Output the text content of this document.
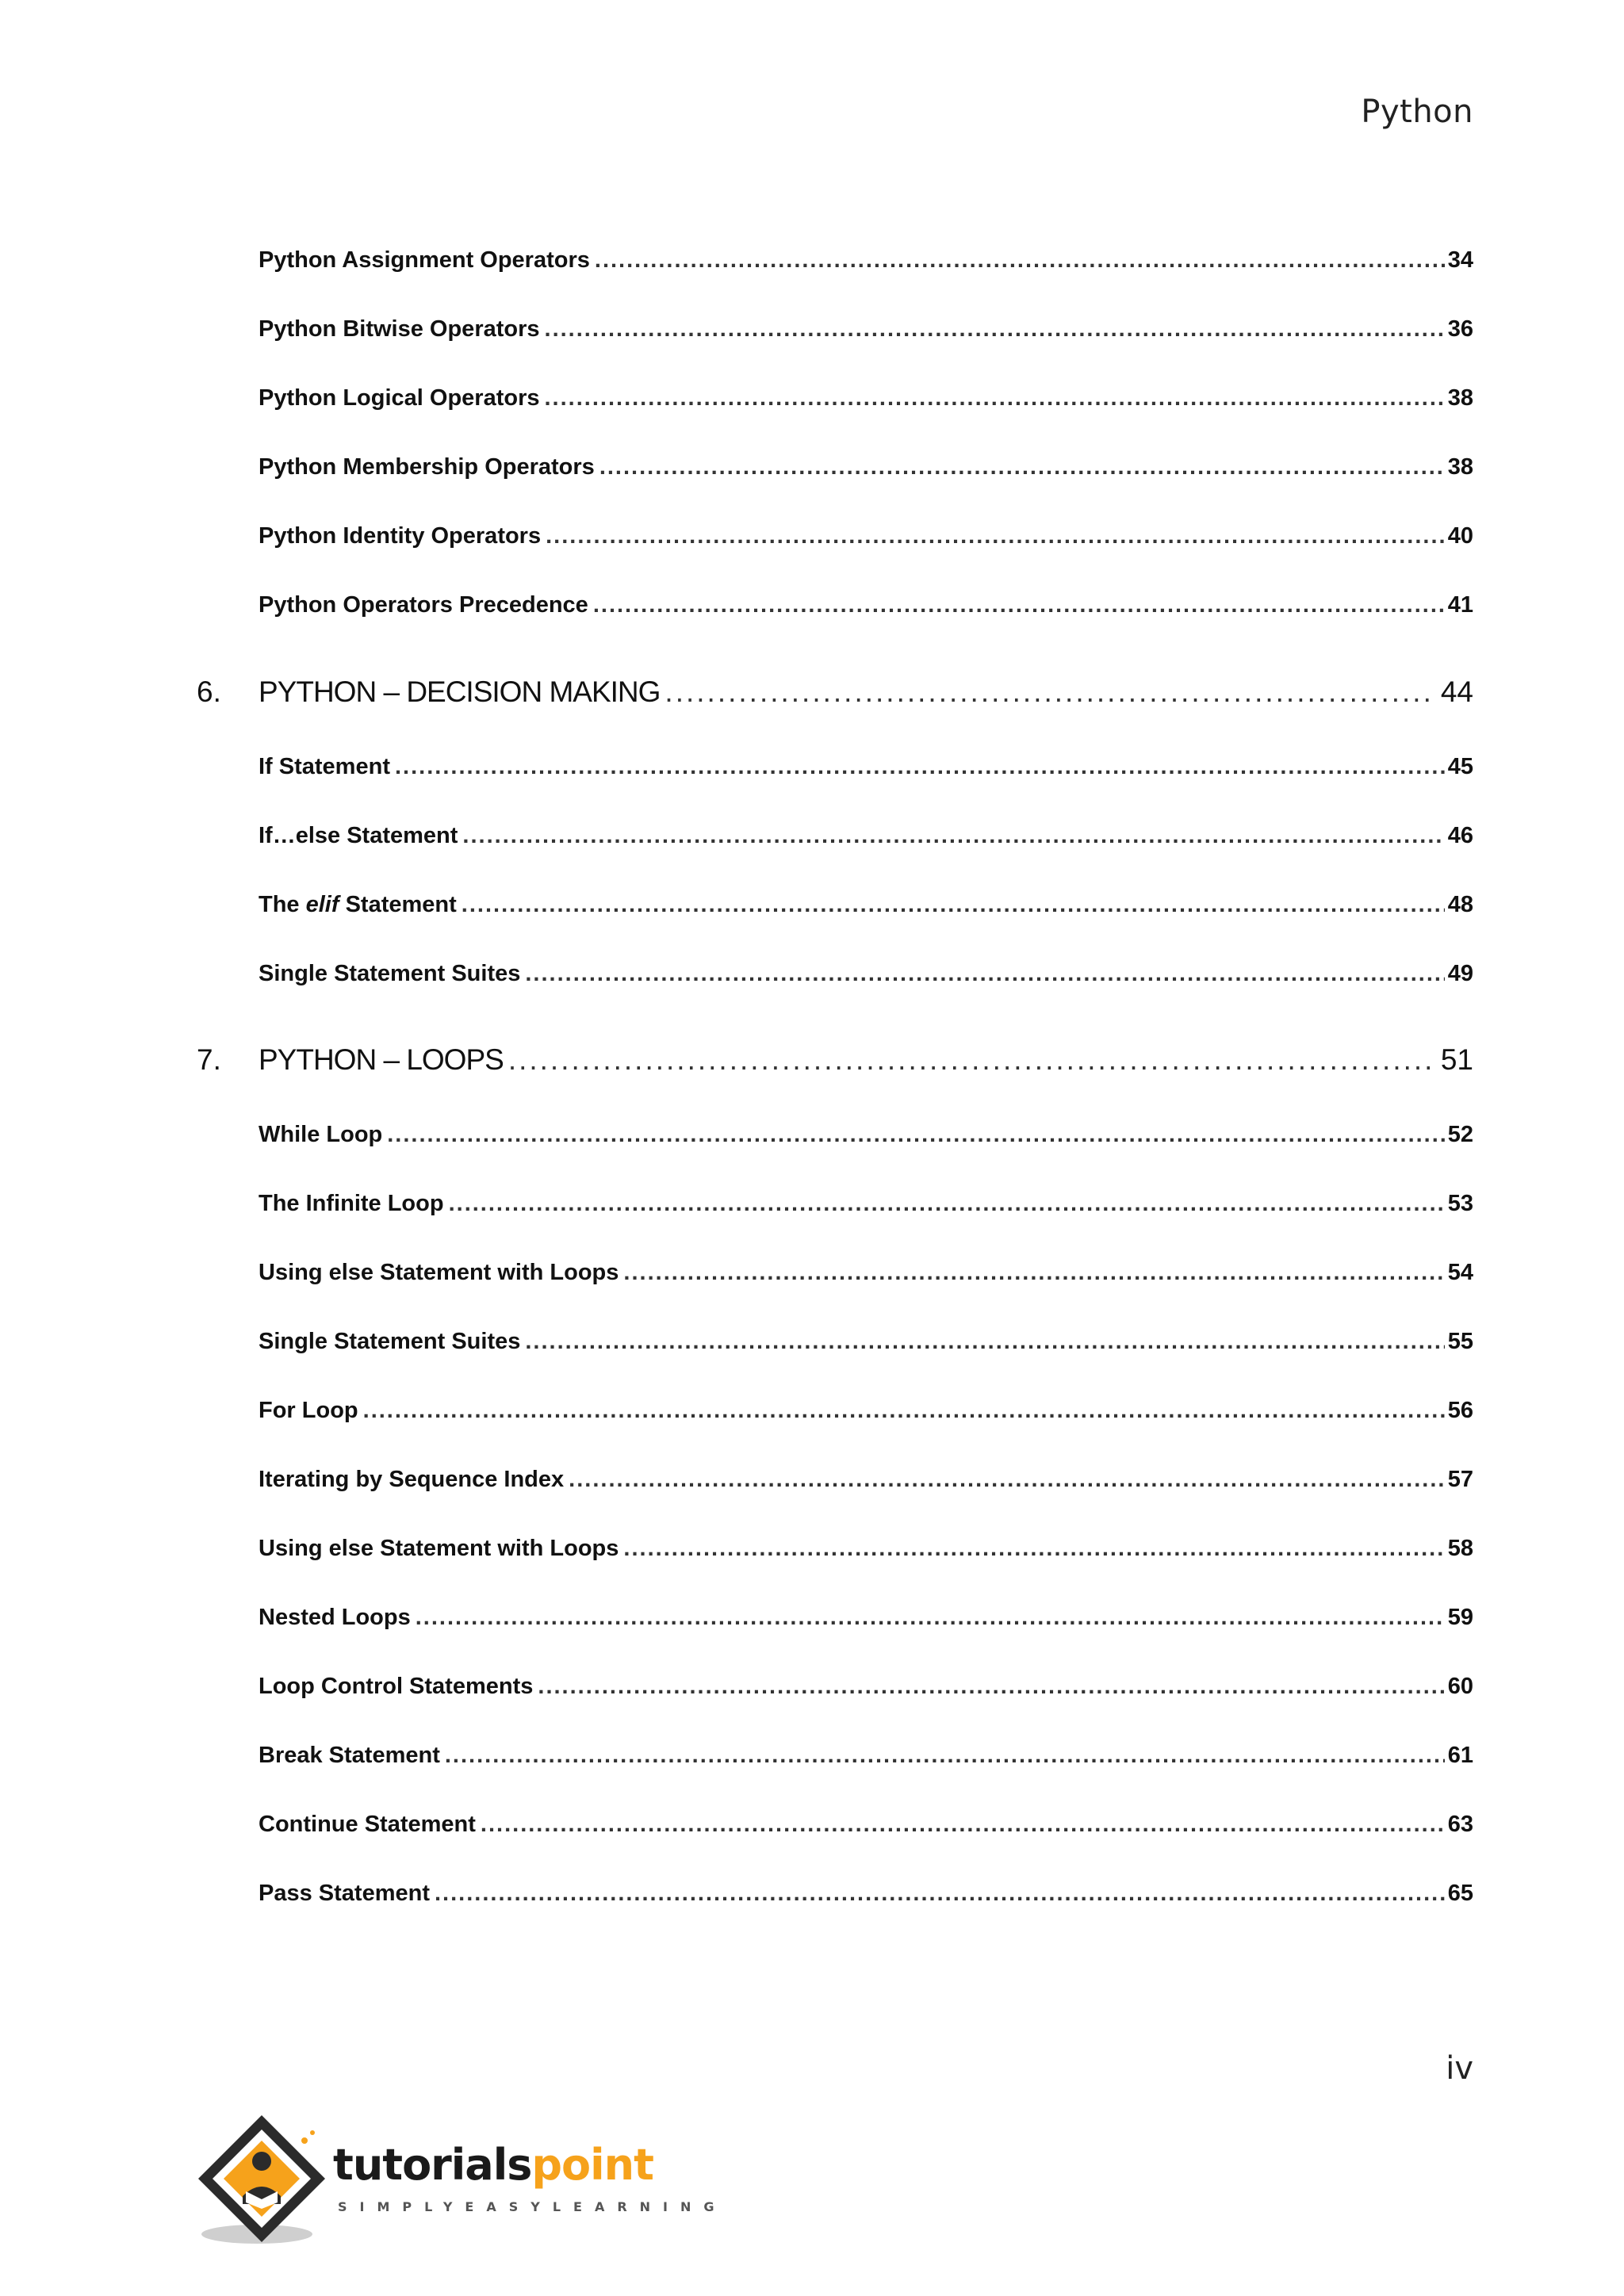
Python
Python Assignment Operators .....	34
Python Bitwise Operators .....	36
Python Logical Operators .....	38
Python Membership Operators .....	38
Python Identity Operators .....	40
Python Operators Precedence .....	41
6.	PYTHON – DECISION MAKING .....	44
If Statement .....	45
If…else Statement .....	46
The elif Statement .....	48
Single Statement Suites .....	49
7.	PYTHON – LOOPS .....	51
While Loop .....	52
The Infinite Loop .....	53
Using else Statement with Loops .....	54
Single Statement Suites .....	55
For Loop .....	56
Iterating by Sequence Index .....	57
Using else Statement with Loops .....	58
Nested Loops .....	59
Loop Control Statements .....	60
Break Statement .....	61
Continue Statement .....	63
Pass Statement .....	65
iv
tutorialspoint
SIMPLYEASYLEARNING
